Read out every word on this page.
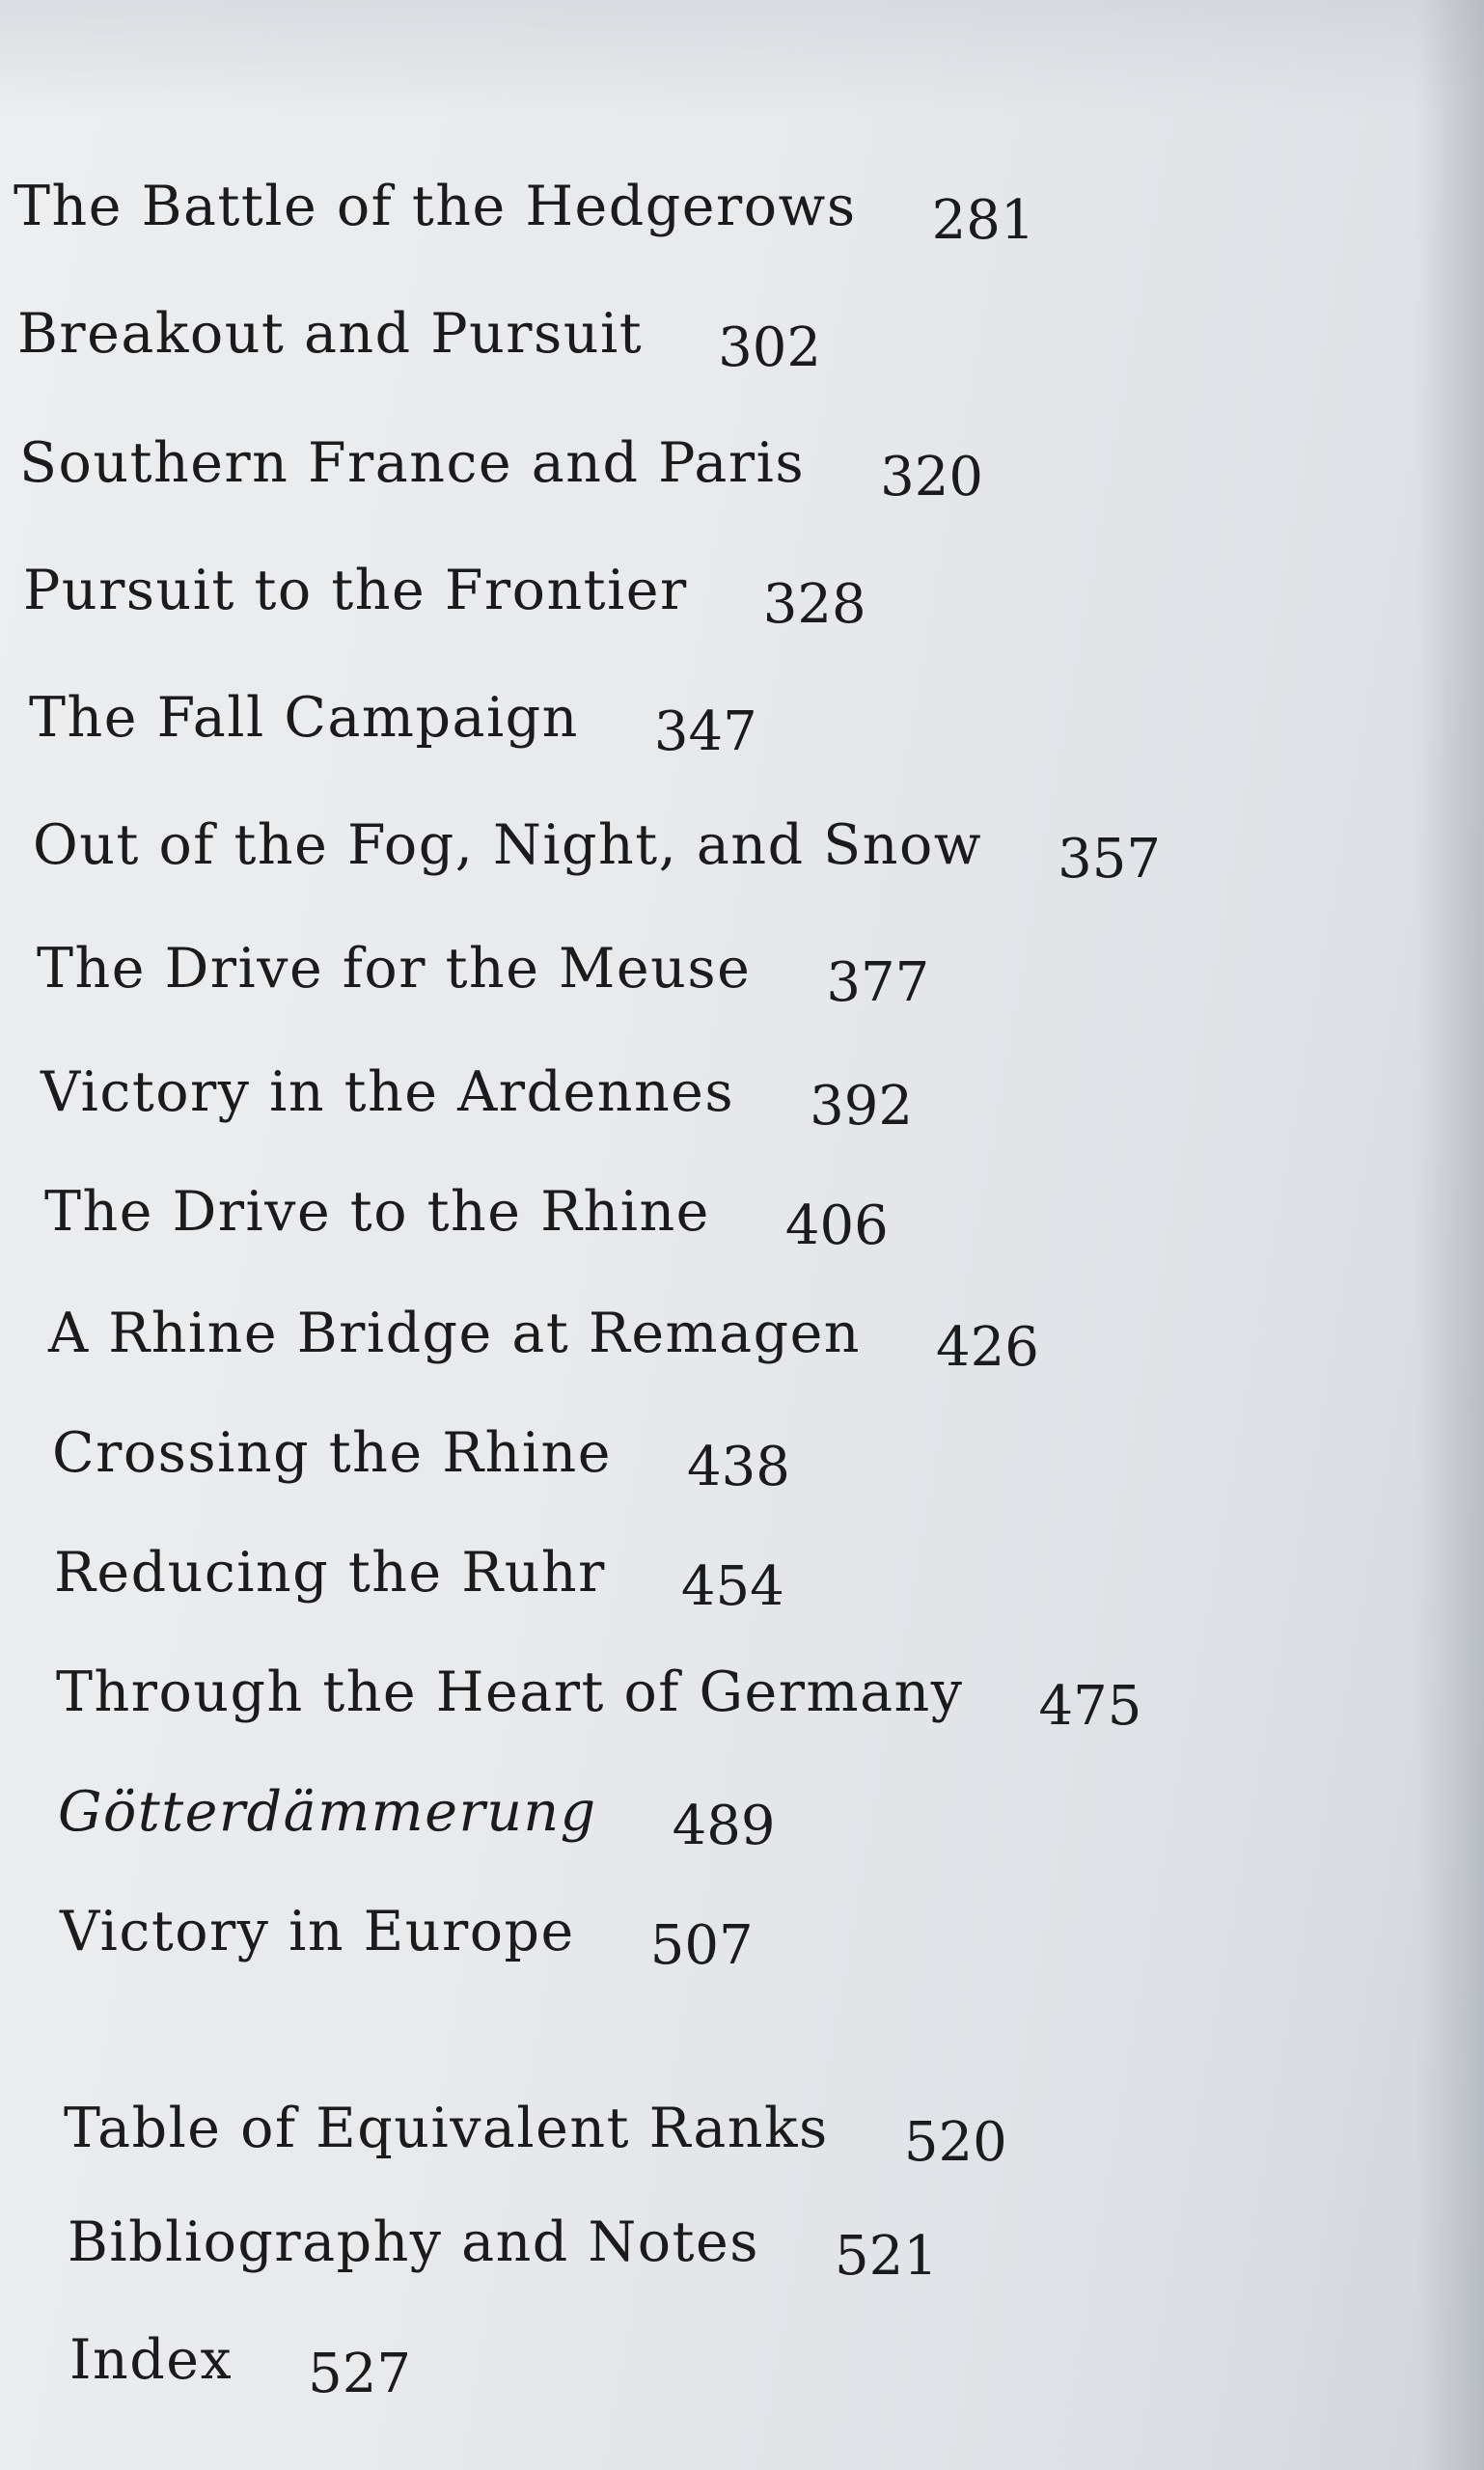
The Battle of the Hedgerows 281
Breakout and Pursuit 302
Southern France and Paris 320
Pursuit to the Frontier 328
The Fall Campaign 347
Out of the Fog, Night, and Snow 357
The Drive for the Meuse 377
Victory in the Ardennes 392
The Drive to the Rhine 406
A Rhine Bridge at Remagen 426
Crossing the Rhine 438
Reducing the Ruhr 454
Through the Heart of Germany 475
Götterdämmerung 489
Victory in Europe 507
Table of Equivalent Ranks 520
Bibliography and Notes 521
Index 527
